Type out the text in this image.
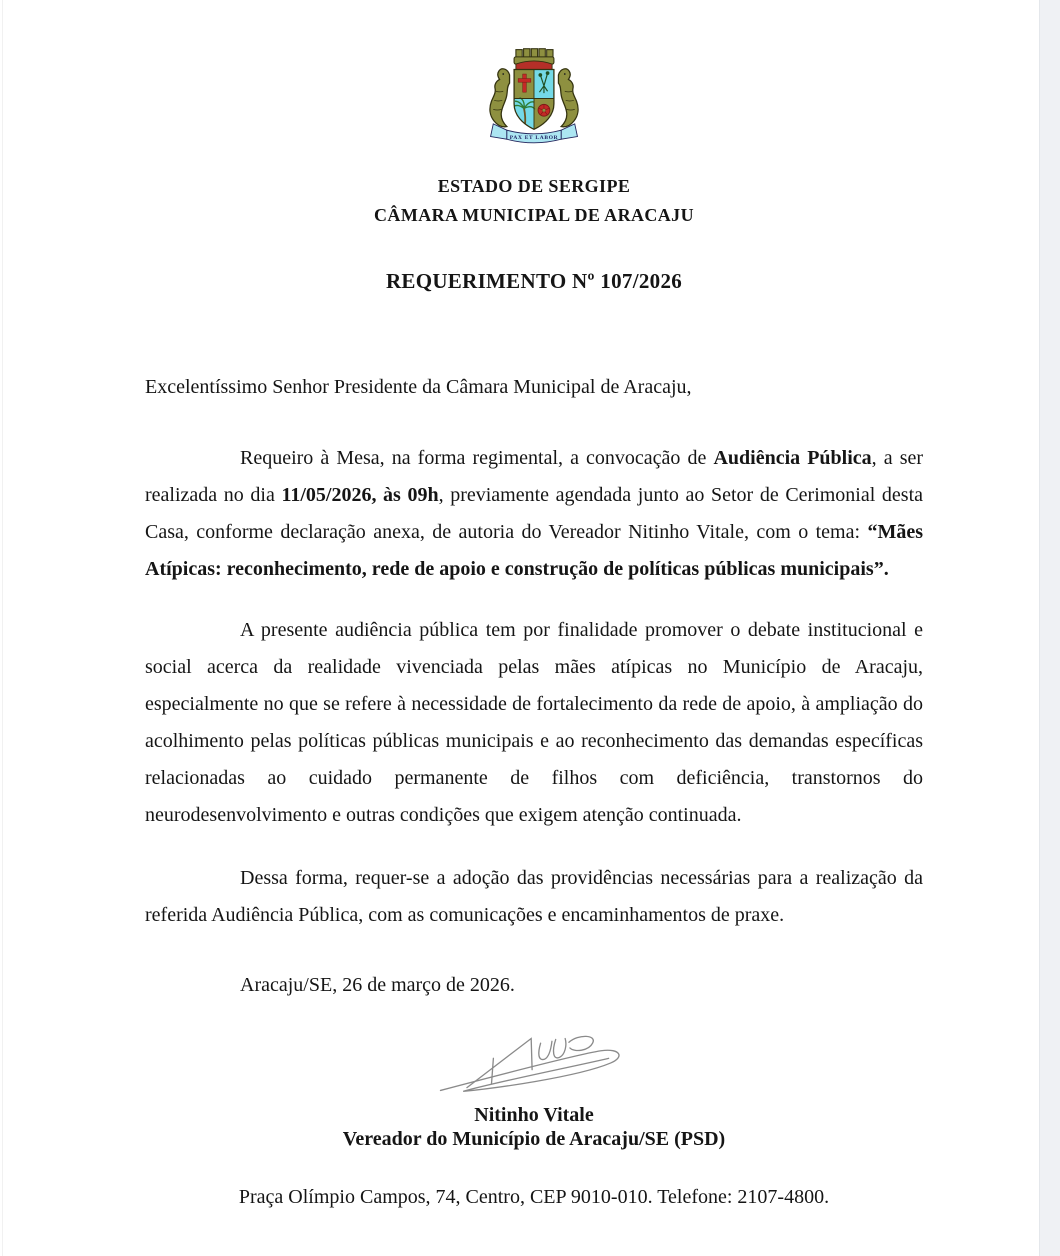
PAX ET LABOR
ESTADO DE SERGIPE
CÂMARA MUNICIPAL DE ARACAJU
REQUERIMENTO Nº 107/2026
Excelentíssimo Senhor Presidente da Câmara Municipal de Aracaju,

Requeiro à Mesa, na forma regimental, a convocação de Audiência Pública, a ser realizada no dia 11/05/2026, às 09h, previamente agendada junto ao Setor de Cerimonial desta Casa, conforme declaração anexa, de autoria do Vereador Nitinho Vitale, com o tema: “Mães Atípicas: reconhecimento, rede de apoio e construção de políticas públicas municipais”.

A presente audiência pública tem por finalidade promover o debate institucional e social acerca da realidade vivenciada pelas mães atípicas no Município de Aracaju, especialmente no que se refere à necessidade de fortalecimento da rede de apoio, à ampliação do acolhimento pelas políticas públicas municipais e ao reconhecimento das demandas específicas relacionadas ao cuidado permanente de filhos com deficiência, transtornos do neurodesenvolvimento e outras condições que exigem atenção continuada.

Dessa forma, requer-se a adoção das providências necessárias para a realização da referida Audiência Pública, com as comunicações e encaminhamentos de praxe.

Aracaju/SE, 26 de março de 2026.
Nitinho Vitale
Vereador do Município de Aracaju/SE (PSD)
Praça Olímpio Campos, 74, Centro, CEP 9010-010. Telefone: 2107-4800.
